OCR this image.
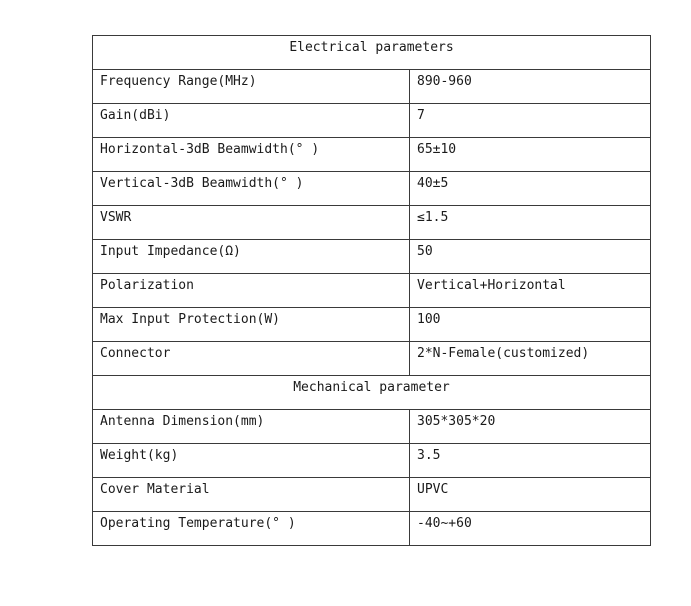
Electrical parameters	
Frequency Range(MHz)	890-960
Gain(dBi)	7
Horizontal-3dB Beamwidth(° )	65±10
Vertical-3dB Beamwidth(° )	40±5
VSWR	≤1.5
Input Impedance(Ω)	50
Polarization	Vertical+Horizontal
Max Input Protection(W)	100
Connector	2*N-Female(customized)
Mechanical parameter	
Antenna Dimension(mm)	305*305*20
Weight(kg)	3.5
Cover Material	UPVC
Operating Temperature(° )	-40~+60
